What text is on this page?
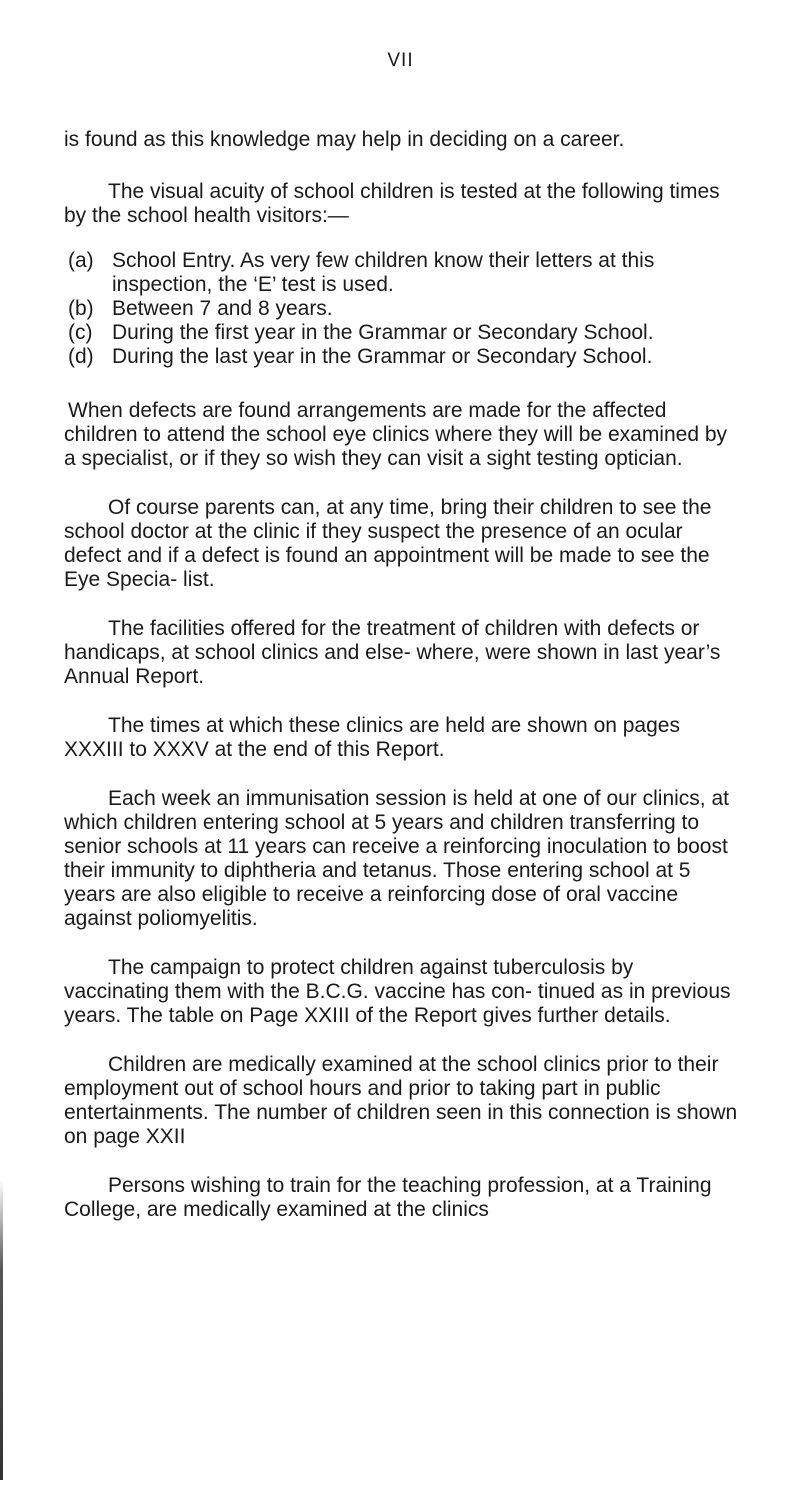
VII

is found as this knowledge may help in deciding on a career.

The visual acuity of school children is tested at the following times by the school health visitors:—

(a) School Entry. As very few children know their letters at this inspection, the ‘E’ test is used.
(b) Between 7 and 8 years.
(c) During the first year in the Grammar or Secondary School.
(d) During the last year in the Grammar or Secondary School.

When defects are found arrangements are made for the affected children to attend the school eye clinics where they will be examined by a specialist, or if they so wish they can visit a sight testing optician.

Of course parents can, at any time, bring their children to see the school doctor at the clinic if they suspect the presence of an ocular defect and if a defect is found an appointment will be made to see the Eye Specia- list.

The facilities offered for the treatment of children with defects or handicaps, at school clinics and else- where, were shown in last year’s Annual Report.

The times at which these clinics are held are shown on pages XXXIII to XXXV at the end of this Report.

Each week an immunisation session is held at one of our clinics, at which children entering school at 5 years and children transferring to senior schools at 11 years can receive a reinforcing inoculation to boost their immunity to diphtheria and tetanus. Those entering school at 5 years are also eligible to receive a reinforcing dose of oral vaccine against poliomyelitis.

The campaign to protect children against tuberculosis by vaccinating them with the B.C.G. vaccine has con- tinued as in previous years. The table on Page XXIII of the Report gives further details.

Children are medically examined at the school clinics prior to their employment out of school hours and prior to taking part in public entertainments. The number of children seen in this connection is shown on page XXII

Persons wishing to train for the teaching profession, at a Training College, are medically examined at the clinics
